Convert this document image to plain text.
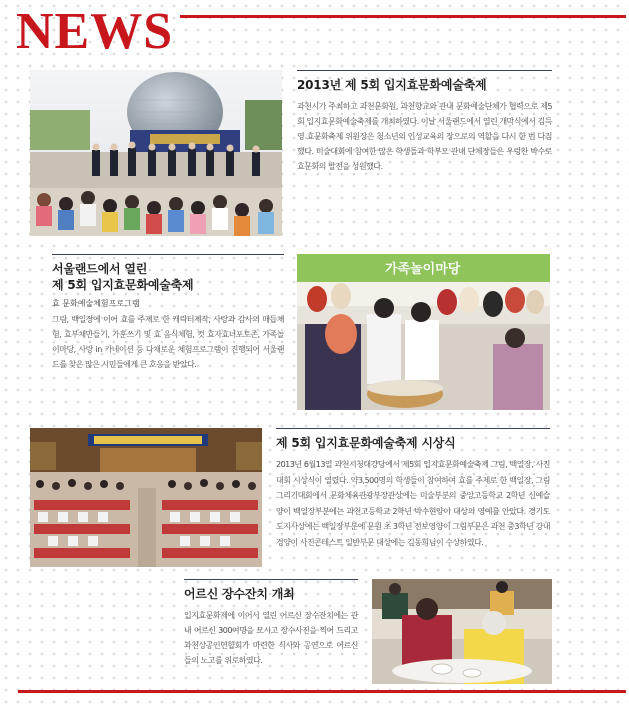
NEWS
2013년 제 5회 입지효문화예술축제

과천시가 주최하고 과천문화원, 과천향교와 관내 문화예술단체가 협력으로 제5회 입지효문화예술축제를 개최하였다. 이날 서울랜드에서 열린 개막식에서 김득영 효문화축제 위원장은 청소년의 인성교육의 장으로의 역할을 다시 한 번 다짐했다. 미술대회에 참여한 많은 학생들과 학부모 관내 단체장들은 우렁찬 박수로 효문화의 발전을 성원했다.

서울랜드에서 열린
제 5회 입지효문화예술축제
효 문화예술체험프로그램

그림, 백일장에 이어 효를 주제로 한 캐릭터제작, 사랑과 감사의 매듭체험, 효부채만들기, 가훈쓰기 및 효 음식체험, 컷 효자효녀포토존, 가족놀이마당, 사랑 in 카네이션 등 다채로운 체험프로그램이 진행되어 서울랜드를 찾은 많은 시민들에게 큰 호응을 받았다.

가족놀이마당
제 5회 입지효문화예술축제 시상식

2013년 6월13일 과천시청대강당에서 제5회 입지효문화예술축제 그림, 백일장, 사진대회 시상식이 열렸다. 약3,500명의 학생들이 참여하여 효를 주제로 한 백일장, 그림그리기대회에서 문화체육관광부장관상에는 미술부분의 중앙고등학교 2학년 신예슬양이 백일장부분에는 과천고등학교 2학년 박수현양이 대상의 영예를 안았다. 경기도 도지사상에는 백일장부분에 문원 초 3학년 전보영양이 그림부문은 과천 중3학년 강내경양이 사진콘테스트 일반부문 대상에는 김동희님이 수상하였다.

어르신 장수잔치 개최

입지효문화제에 이어서 열린 어르신 장수잔치에는 관내 어르신 300여명을 모시고 장수사진을 찍어 드리고 과천상공인연합회가 마련한 식사와 공연으로 어르신들의 노고를 위로하였다.
